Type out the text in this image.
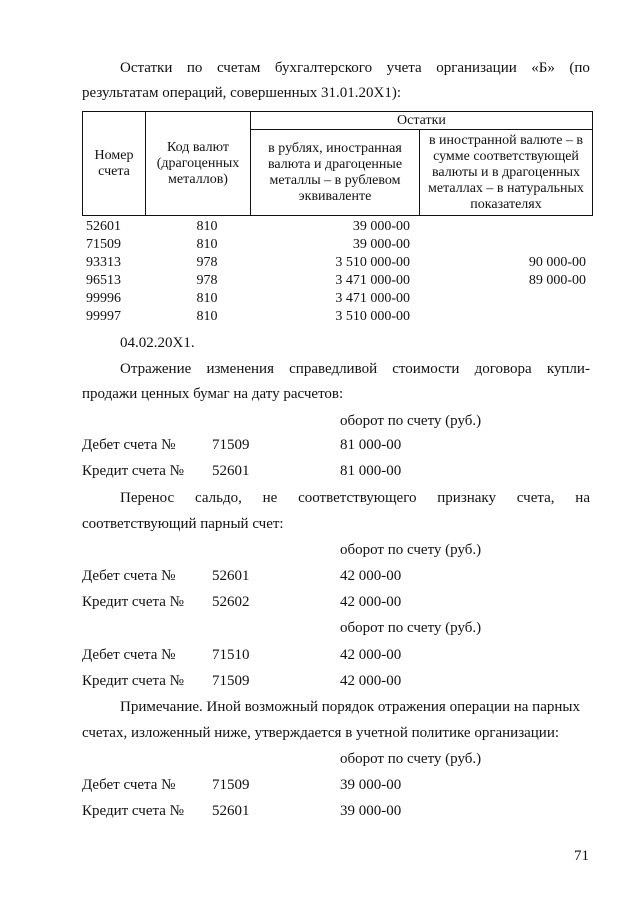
Остатки по счетам бухгалтерского учета организации «Б» (по
результатам операций, совершенных 31.01.20X1):
Номер счета	Код валют (драгоценных металлов)	Остатки	
		в рублях, иностранная валюта и драгоценные металлы – в рублевом эквиваленте	в иностранной валюте – в сумме соответствующей валюты и в драгоценных металлах – в натуральных показателях
52601	810	39 000-00
71509	810	39 000-00
93313	978	3 510 000-00	90 000-00
96513	978	3 471 000-00	89 000-00
99996	810	3 471 000-00
99997	810	3 510 000-00
04.02.20X1.
Отражение изменения справедливой стоимости договора купли-
продажи ценных бумаг на дату расчетов:
оборот по счету (руб.)
Дебет счета № 71509	81 000-00
Кредит счета № 52601	81 000-00
Перенос сальдо, не соответствующего признаку счета, на
соответствующий парный счет:
оборот по счету (руб.)
Дебет счета № 52601	42 000-00
Кредит счета № 52602	42 000-00
оборот по счету (руб.)
Дебет счета № 71510	42 000-00
Кредит счета № 71509	42 000-00
Примечание. Иной возможный порядок отражения операции на парных
счетах, изложенный ниже, утверждается в учетной политике организации:
оборот по счету (руб.)
Дебет счета № 71509	39 000-00
Кредит счета № 52601	39 000-00
71
